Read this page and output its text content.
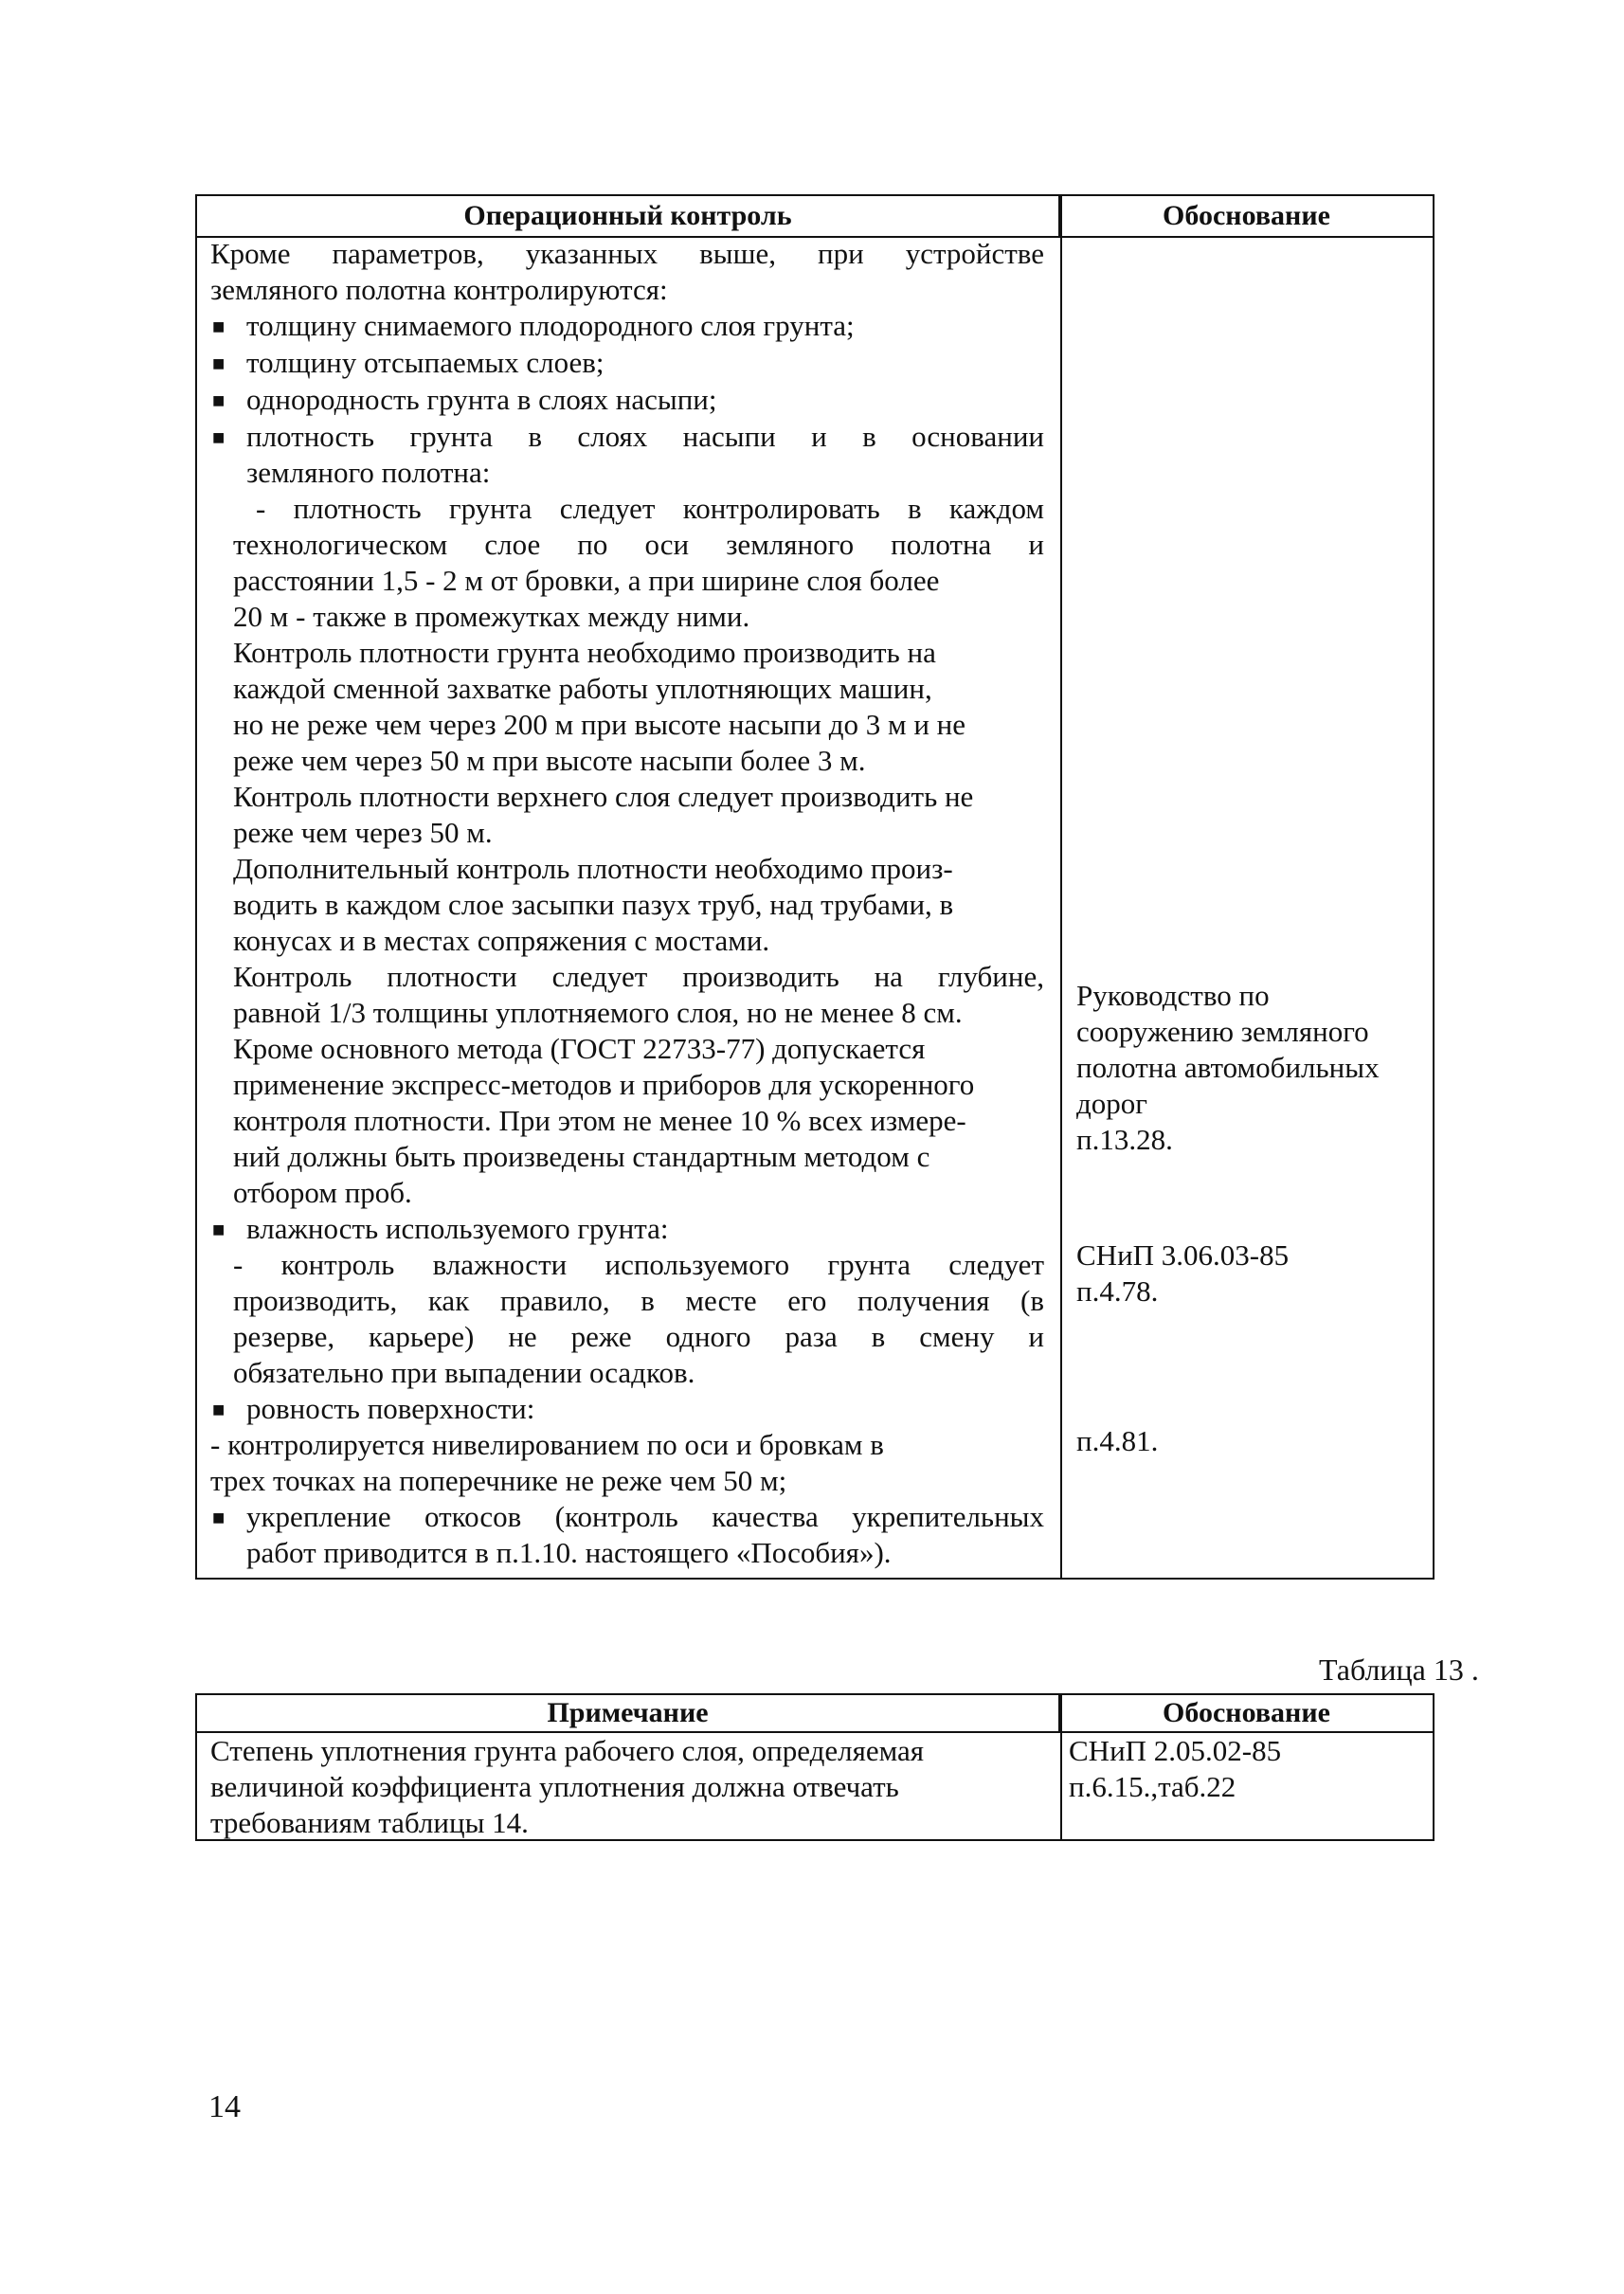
Операционный контроль	Обоснование
Кроме параметров, указанных выше, при устройстве
земляного полотна контролируются:
■ толщину снимаемого плодородного слоя грунта;
■ толщину отсыпаемых слоев;
■ однородность грунта в слоях насыпи;
■ плотность грунта в слоях насыпи и в основании
земляного полотна:
- плотность грунта следует контролировать в каждом
технологическом слое по оси земляного полотна и
расстоянии 1,5 - 2 м от бровки, а при ширине слоя более
20 м - также в промежутках между ними.
Контроль плотности грунта необходимо производить на
каждой сменной захватке работы уплотняющих машин,
но не реже чем через 200 м при высоте насыпи до 3 м и не
реже чем через 50 м при высоте насыпи более 3 м.
Контроль плотности верхнего слоя следует производить не
реже чем через 50 м.
Дополнительный контроль плотности необходимо произ-
водить в каждом слое засыпки пазух труб, над трубами, в
конусах и в местах сопряжения с мостами.
Контроль плотности следует производить на глубине,
равной 1/3 толщины уплотняемого слоя, но не менее 8 см.
Кроме основного метода (ГОСТ 22733-77) допускается
применение экспресс-методов и приборов для ускоренного
контроля плотности. При этом не менее 10 % всех измере-
ний должны быть произведены стандартным методом с
отбором проб.
■ влажность используемого грунта:
- контроль влажности используемого грунта следует
производить, как правило, в месте его получения (в
резерве, карьере) не реже одного раза в смену и
обязательно при выпадении осадков.
■ ровность поверхности:
- контролируется нивелированием по оси и бровкам в
трех точках на поперечнике не реже чем 50 м;
■ укрепление откосов (контроль качества укрепительных
работ приводится в п.1.10. настоящего «Пособия»).
Руководство по
сооружению земляного
полотна автомобильных
дорог
п.13.28.
СНиП 3.06.03-85
п.4.78.
п.4.81.
Таблица 13 .
Примечание	Обоснование
Степень уплотнения грунта рабочего слоя, определяемая
величиной коэффициента уплотнения должна отвечать
требованиям таблицы 14.
СНиП 2.05.02-85
п.6.15.,таб.22
14
